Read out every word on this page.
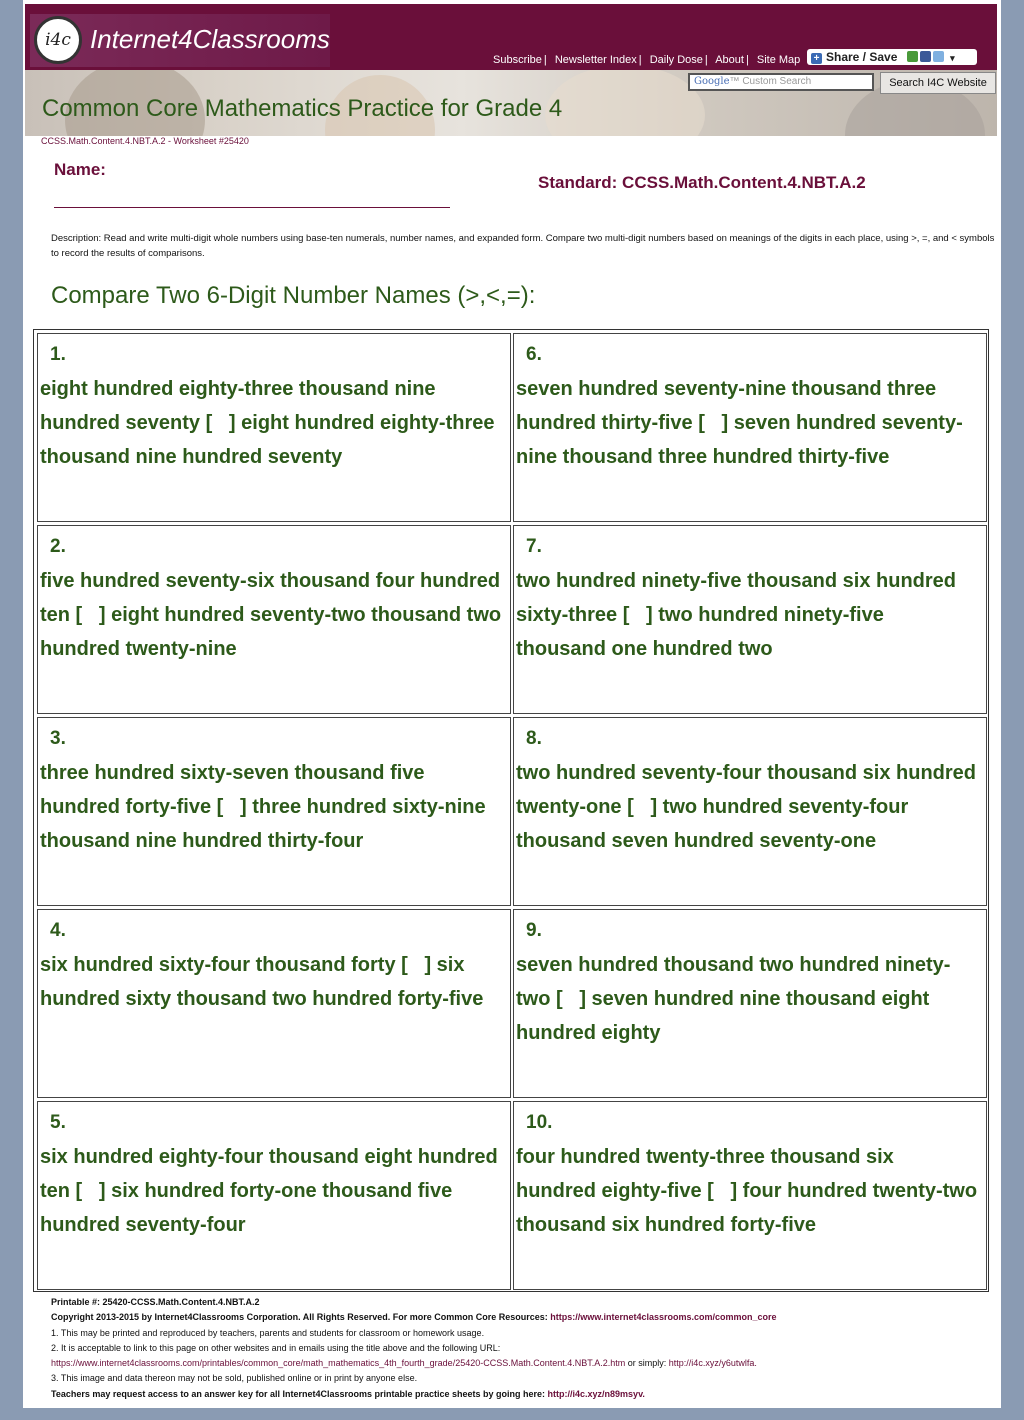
i4c Internet4Classrooms
Subscribe | Newsletter Index | Daily Dose | About | Site Map	+ Share / Save	▾
Google™ Custom Search	Search I4C Website
Common Core Mathematics Practice for Grade 4
CCSS.Math.Content.4.NBT.A.2 - Worksheet #25420
Name:
Standard: CCSS.Math.Content.4.NBT.A.2
Description: Read and write multi-digit whole numbers using base-ten numerals, number names, and expanded form. Compare two multi-digit numbers based on meanings of the digits in each place, using >, =, and < symbols to record the results of comparisons.
Compare Two 6-Digit Number Names (>,<,=):
1.
eight hundred eighty-three thousand nine hundred seventy [   ] eight hundred eighty-three thousand nine hundred seventy
6.
seven hundred seventy-nine thousand three hundred thirty-five [   ] seven hundred seventy-nine thousand three hundred thirty-five
2.
five hundred seventy-six thousand four hundred ten [   ] eight hundred seventy-two thousand two hundred twenty-nine
7.
two hundred ninety-five thousand six hundred sixty-three [   ] two hundred ninety-five thousand one hundred two
3.
three hundred sixty-seven thousand five hundred forty-five [   ] three hundred sixty-nine thousand nine hundred thirty-four
8.
two hundred seventy-four thousand six hundred twenty-one [   ] two hundred seventy-four thousand seven hundred seventy-one
4.
six hundred sixty-four thousand forty [   ] six hundred sixty thousand two hundred forty-five
9.
seven hundred thousand two hundred ninety-two [   ] seven hundred nine thousand eight hundred eighty
5.
six hundred eighty-four thousand eight hundred ten [   ] six hundred forty-one thousand five hundred seventy-four
10.
four hundred twenty-three thousand six hundred eighty-five [   ] four hundred twenty-two thousand six hundred forty-five
Printable #: 25420-CCSS.Math.Content.4.NBT.A.2
Copyright 2013-2015 by Internet4Classrooms Corporation. All Rights Reserved. For more Common Core Resources: https://www.internet4classrooms.com/common_core
1. This may be printed and reproduced by teachers, parents and students for classroom or homework usage.
2. It is acceptable to link to this page on other websites and in emails using the title above and the following URL:
https://www.internet4classrooms.com/printables/common_core/math_mathematics_4th_fourth_grade/25420-CCSS.Math.Content.4.NBT.A.2.htm or simply: http://i4c.xyz/y6utwlfa.
3. This image and data thereon may not be sold, published online or in print by anyone else.
Teachers may request access to an answer key for all Internet4Classrooms printable practice sheets by going here: http://i4c.xyz/n89msyv.
